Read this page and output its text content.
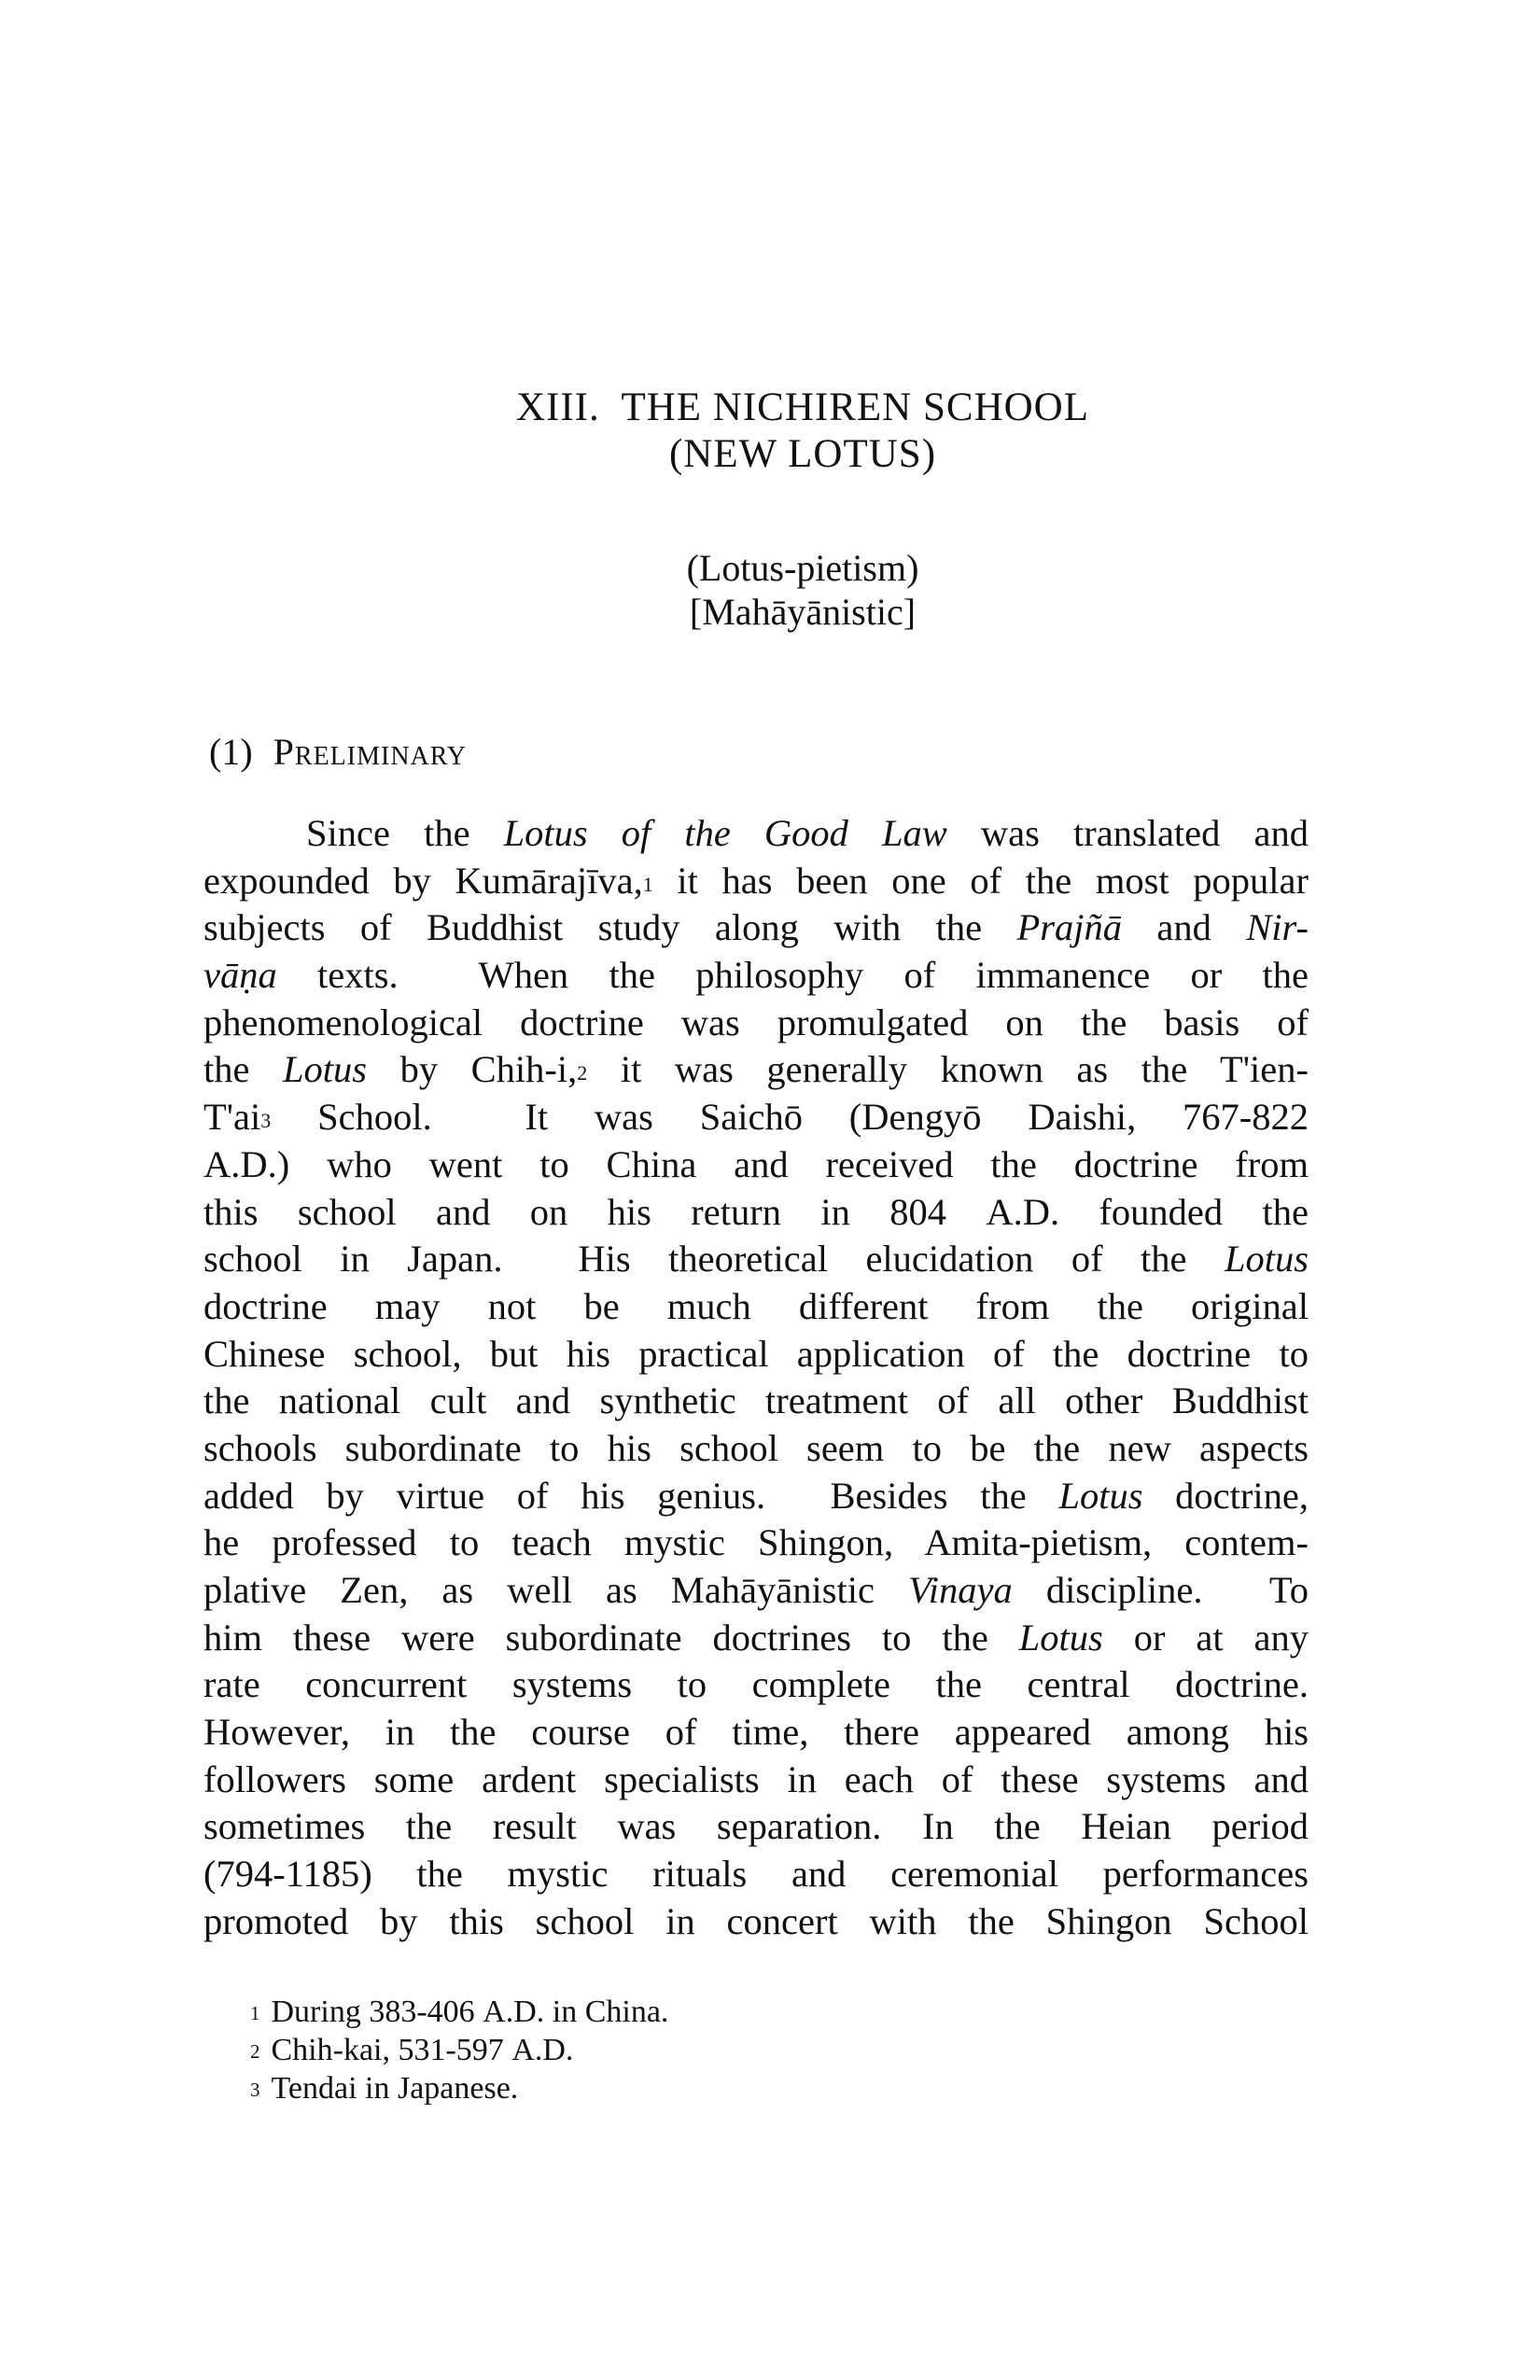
XIII.  THE NICHIREN SCHOOL
(NEW LOTUS)
(Lotus-pietism)
[Mahāyānistic]
(1) Preliminary
Since the Lotus of the Good Law was translated and
expounded by Kumārajīva,$^1$ it has been one of the most popular
subjects of Buddhist study along with the Prajñā and Nir-
vāṇa texts.  When the philosophy of immanence or the
phenomenological doctrine was promulgated on the basis of
the Lotus by Chih-i,$^2$ it was generally known as the T'ien-
$T'ai^3$ School.  It was Saichō (Dengyō Daishi, 767-822
A.D.) who went to China and received the doctrine from
this school and on his return in 804 A.D. founded the
school in Japan.  His theoretical elucidation of the Lotus
doctrine may not be much different from the original
Chinese school, but his practical application of the doctrine to
the national cult and synthetic treatment of all other Buddhist
schools subordinate to his school seem to be the new aspects
added by virtue of his genius.  Besides the Lotus doctrine,
he professed to teach mystic Shingon, Amita-pietism, contem-
plative Zen, as well as Mahāyānistic Vinaya discipline.  To
him these were subordinate doctrines to the Lotus or at any
rate concurrent systems to complete the central doctrine.
However, in the course of time, there appeared among his
followers some ardent specialists in each of these systems and
sometimes the result was separation. In the Heian period
(794-1185) the mystic rituals and ceremonial performances
promoted by this school in concert with the Shingon School
$^1$ During 383-406 A.D. in China.
$^2$ Chih-kai, 531-597 A.D.
$^3$ Tendai in Japanese.
